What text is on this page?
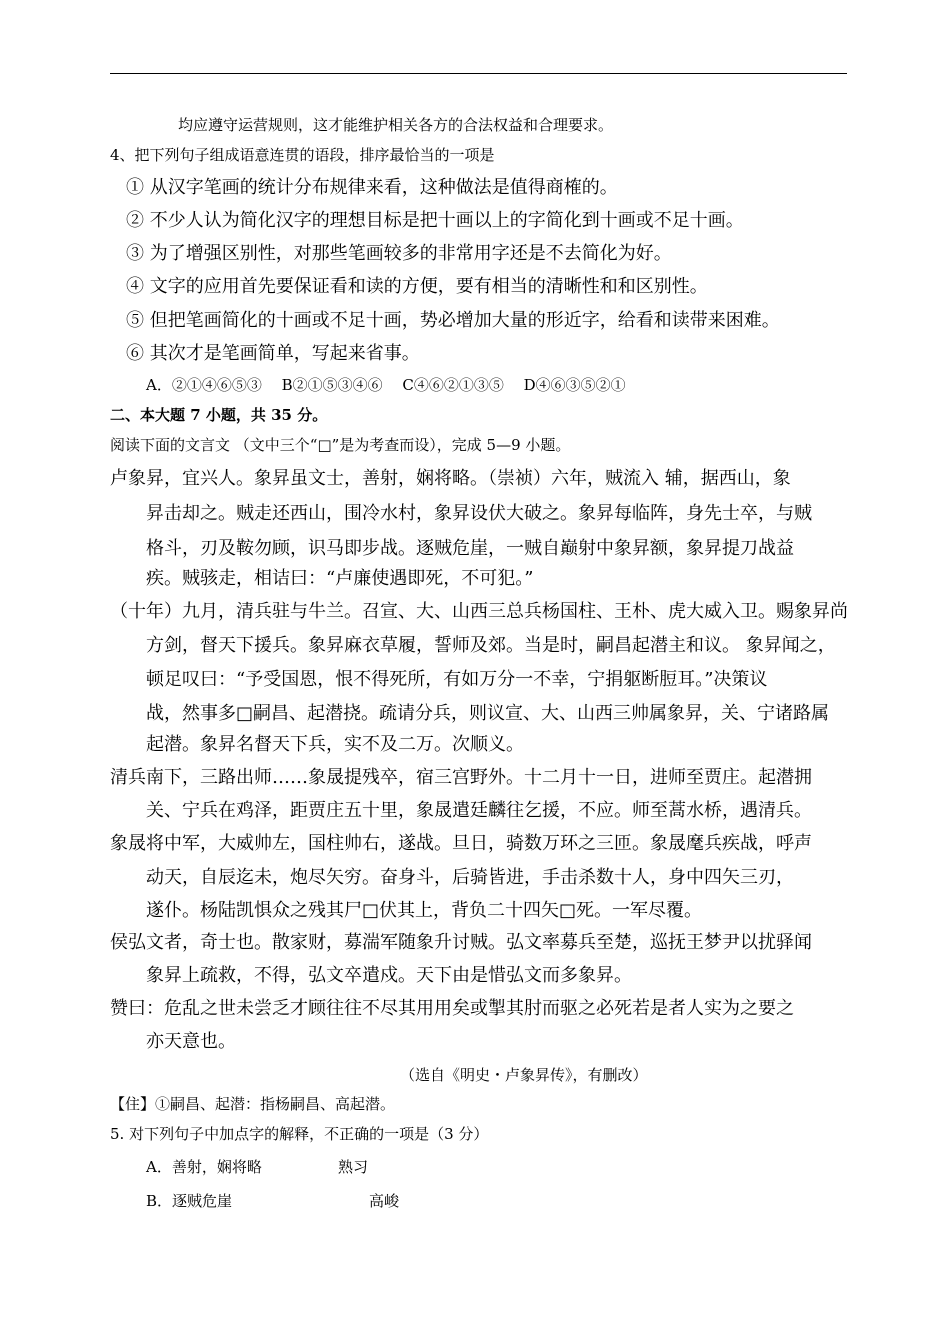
均应遵守运营规则，这才能维护相关各方的合法权益和合理要求。
4、把下列句子组成语意连贯的语段，排序最恰当的一项是
① 从汉字笔画的统计分布规律来看，这种做法是值得商榷的。
② 不少人认为简化汉字的理想目标是把十画以上的字简化到十画或不足十画。
③ 为了增强区别性，对那些笔画较多的非常用字还是不去简化为好。
④ 文字的应用首先要保证看和读的方便，要有相当的清晰性和和区别性。
⑤ 但把笔画简化的十画或不足十画，势必增加大量的形近字，给看和读带来困难。
⑥ 其次才是笔画简单，写起来省事。
A．②①④⑥⑤③　 B②①⑤③④⑥　 C④⑥②①③⑤　 D④⑥③⑤②①
二、本大题 7 小题，共 35 分。
阅读下面的文言文 （文中三个“□”是为考查而设），完成 5—9 小题。
卢象昇，宜兴人。象昇虽文士，善射，娴将略。（崇祯）六年，贼流入 辅，据西山，象
昇击却之。贼走还西山，围冷水村，象昇设伏大破之。象昇每临阵，身先士卒，与贼
格斗，刃及鞍勿顾，识马即步战。逐贼危崖，一贼自巅射中象昇额，象昇提刀战益
疾。贼骇走，相诘曰：“卢廉使遇即死，不可犯。”
（十年）九月，清兵驻与牛兰。召宣、大、山西三总兵杨国柱、王朴、虎大威入卫。赐象昇尚
方剑，督天下援兵。象昇麻衣草履，誓师及郊。当是时，嗣昌起潜主和议。 象昇闻之，
顿足叹曰：“予受国恩，恨不得死所，有如万分一不幸，宁捐躯断脰耳。”决策议
战，然事多□嗣昌、起潜挠。疏请分兵，则议宣、大、山西三帅属象昇，关、宁诸路属
起潜。象昇名督天下兵，实不及二万。次顺义。
清兵南下，三路出师……象晟提残卒，宿三宫野外。十二月十一日，进师至贾庄。起潜拥
关、宁兵在鸡泽，距贾庄五十里，象晟遣廷麟往乞援，不应。师至蒿水桥，遇清兵。
象晟将中军，大威帅左，国柱帅右，遂战。旦日，骑数万环之三匝。象晟麾兵疾战，呼声
动天，自辰迄未，炮尽矢穷。奋身斗，后骑皆进，手击杀数十人，身中四矢三刃，
遂仆。杨陆凯惧众之残其尸□伏其上，背负二十四矢□死。一军尽覆。
侯弘文者，奇士也。散家财，募湍军随象升讨贼。弘文率募兵至楚，巡抚王梦尹以扰驿闻
象昇上疏救，不得，弘文卒遣戍。天下由是惜弘文而多象昇。
赞曰：危乱之世未尝乏才顾往往不尽其用用矣或掣其肘而驱之必死若是者人实为之要之
亦天意也。
（选自《明史・卢象昇传》，有删改）
【住】①嗣昌、起潜：指杨嗣昌、高起潜。
5. 对下列句子中加点字的解释，不正确的一项是（3 分）
A．善射，娴将略	熟习
B．逐贼危崖	高峻
